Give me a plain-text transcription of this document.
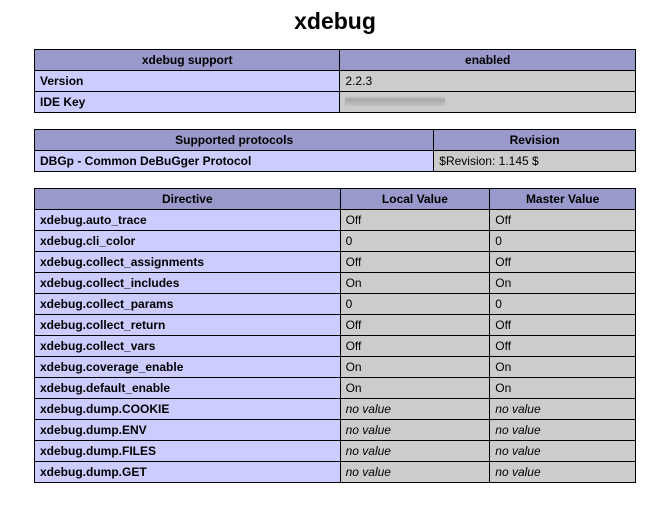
xdebug
xdebug support	enabled
Version	2.2.3
IDE Key	
Supported protocols	Revision
DBGp - Common DeBuGger Protocol	$Revision: 1.145 $
Directive	Local Value	Master Value
xdebug.auto_trace	Off	Off
xdebug.cli_color	0	0
xdebug.collect_assignments	Off	Off
xdebug.collect_includes	On	On
xdebug.collect_params	0	0
xdebug.collect_return	Off	Off
xdebug.collect_vars	Off	Off
xdebug.coverage_enable	On	On
xdebug.default_enable	On	On
xdebug.dump.COOKIE	no value	no value
xdebug.dump.ENV	no value	no value
xdebug.dump.FILES	no value	no value
xdebug.dump.GET	no value	no value
